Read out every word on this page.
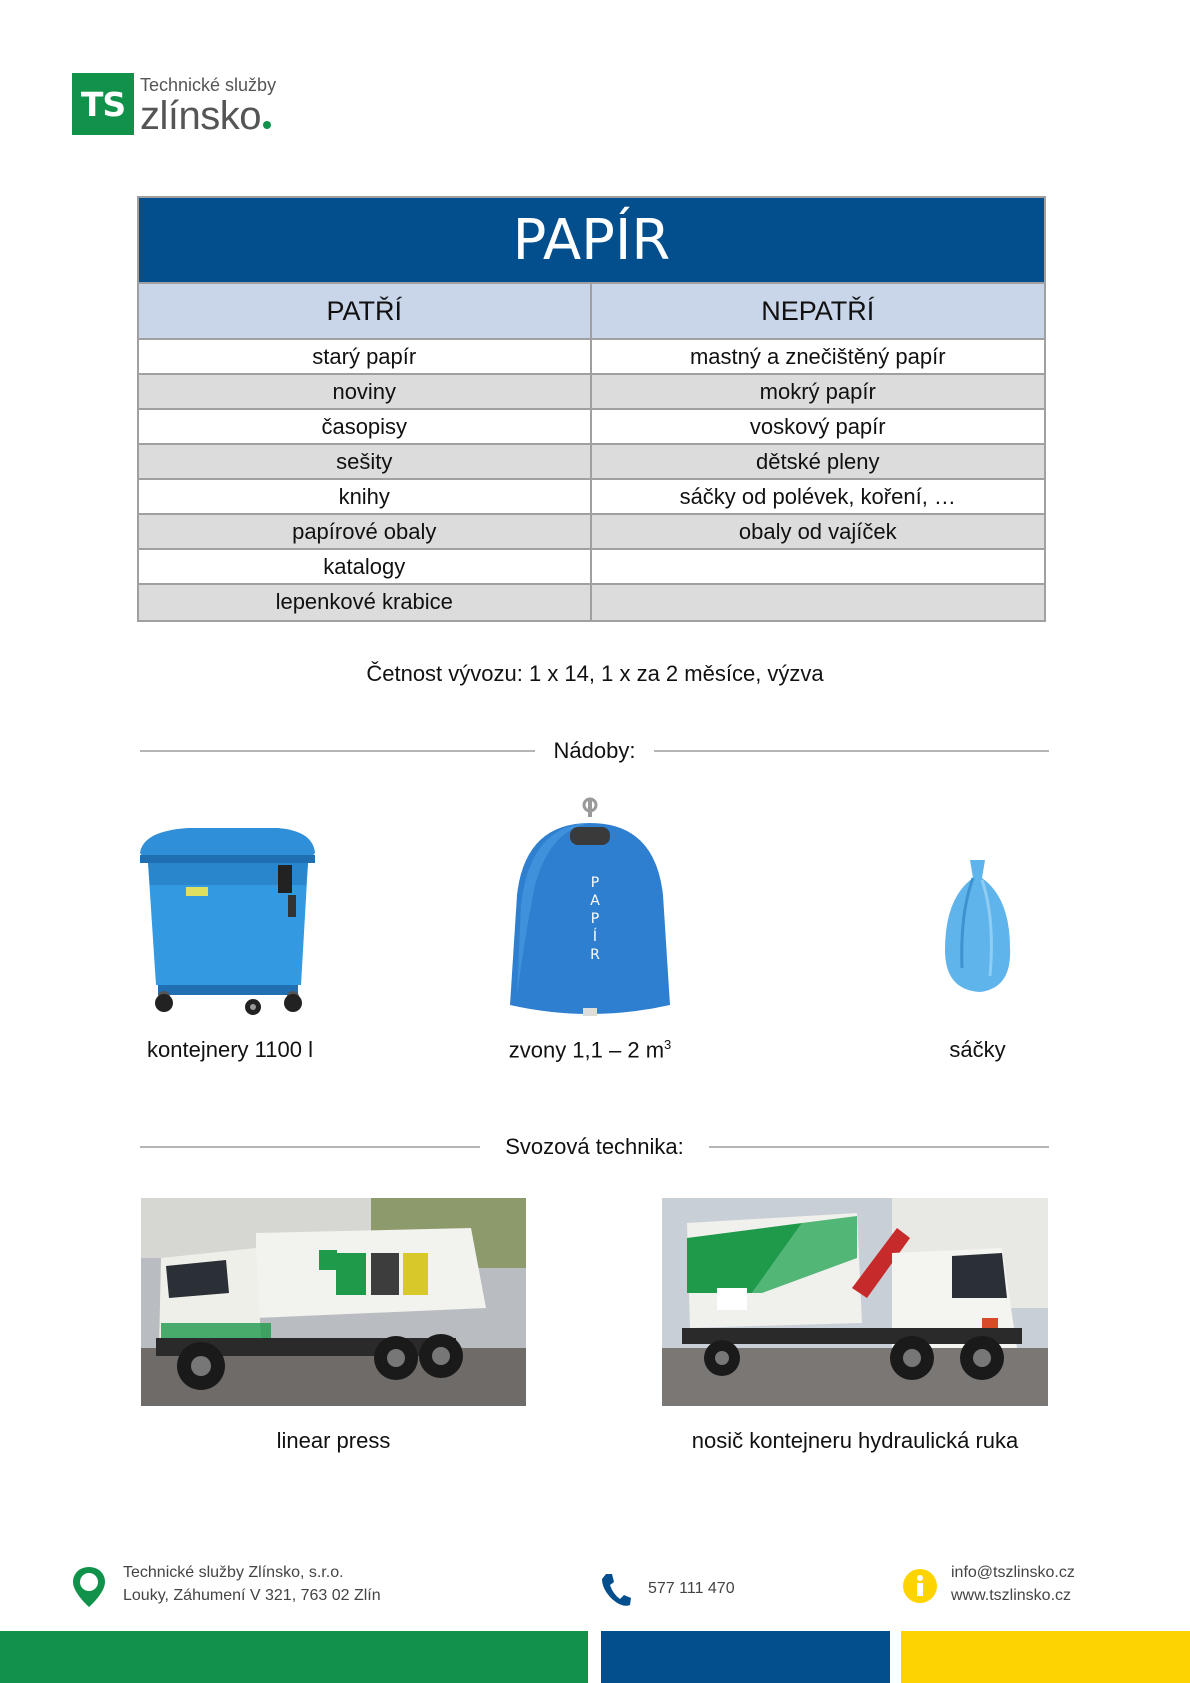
TS Technické služby
zlínsko
PAPÍR
PATŘÍ	NEPATŘÍ
starý papír	mastný a znečištěný papír
noviny	mokrý papír
časopisy	voskový papír
sešity	dětské pleny
knihy	sáčky od polévek, koření, …
papírové obaly	obaly od vajíček
katalogy
lepenkové krabice
Četnost vývozu: 1 x 14, 1 x za 2 měsíce, výzva
Nádoby:
P
A
P
Í
R
kontejnery 1100 l	zvony 1,1 – 2 $m^3$	sáčky
Svozová technika:
linear press	nosič kontejneru hydraulická ruka
Technické služby Zlínsko, s.r.o.
Louky, Záhumení V 321, 763 02 Zlín	577 111 470
info@tszlinsko.cz
www.tszlinsko.cz
